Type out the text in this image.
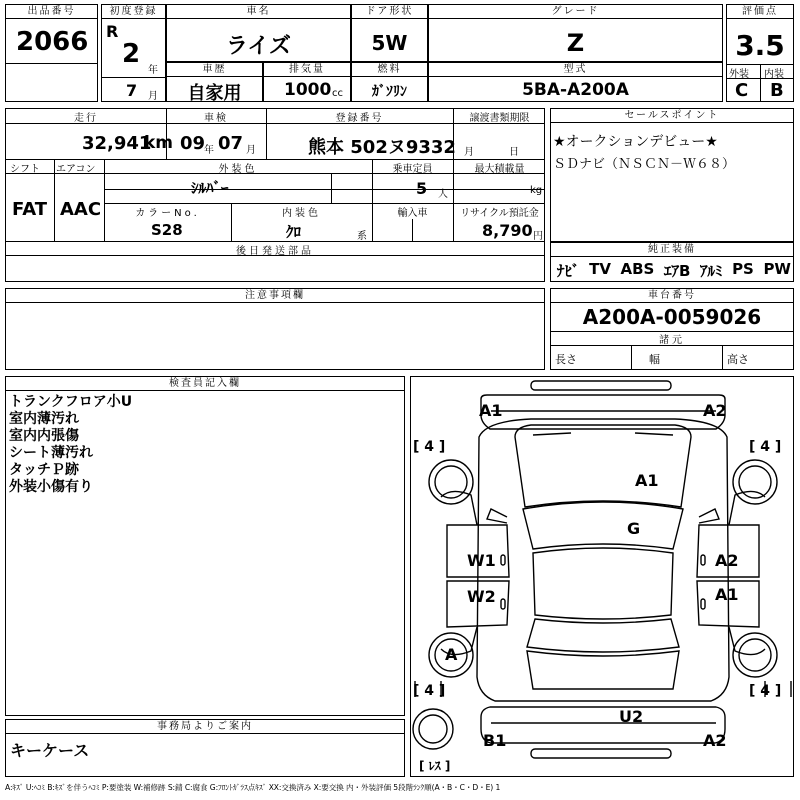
出品番号
2066
初度登録
R
2
年
7 月
車名
ライズ
ドア形状
5W
グレード
Z
評価点
3.5
外装 内装
C B
車歴
自家用
排気量
1000 cc
燃料
ｶﾞｿﾘﾝ
型式
5BA-A200A
走行
32,941
km
車検
09
年 07 月
登録番号
熊本 502ヌ9332
譲渡書類期限
月	日
シフト
FAT
エアコン
AAC
外装色
ｼﾙﾊﾞｰ
乗車定員
5 人
最大積載量
kg
カラーNo.
S28
内装色
ｸﾛ	系
輸入車	リサイクル預託金
8,790 円
後日発送部品
セールスポイント
★オークションデビュー★
ＳＤナビ（ＮＳＣＮ－Ｗ６８）
純正装備
ﾅﾋﾞ TV ABS ｴｱB ｱﾙﾐ PS PW
注意事項欄	車台番号
A200A-0059026
諸元
長さ	幅	高さ
検査員記入欄
トランクフロア小U
室内薄汚れ
室内内張傷
シート薄汚れ
タッチＰ跡
外装小傷有り
事務局よりご案内
キーケース
A1	A2
A1
G
W1
W2
A2
A1
A
U2
B1	A2
[ 4 ]	[ 4 ]
[ 4 ]	[ 4 ]
[ ﾚｽ ]
A:ｷｽﾞ U:ﾍｺﾐ B:ｷｽﾞを伴うﾍｺﾐ P:要塗装 W:補修跡 S:錆 C:腐食 G:ﾌﾛﾝﾄｶﾞﾗｽ点ｷｽﾞ XX:交換済み X:要交換 内・外装評価 5段階ﾗﾝｸ順(A・B・C・D・E) 1
